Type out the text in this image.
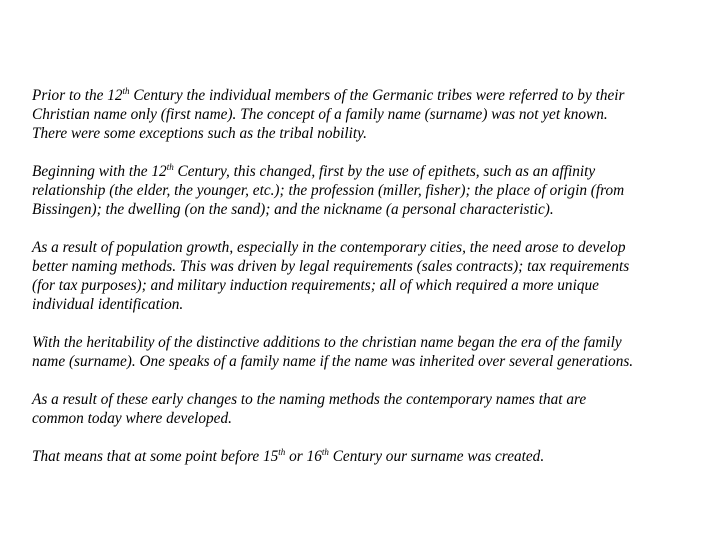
Prior to the 12th Century the individual members of the Germanic tribes were referred to by their
Christian name only (first name). The concept of a family name (surname) was not yet known.
There were some exceptions such as the tribal nobility.

Beginning with the 12th Century, this changed, first by the use of epithets, such as an affinity
relationship (the elder, the younger, etc.); the profession (miller, fisher); the place of origin (from
Bissingen); the dwelling (on the sand); and the nickname (a personal characteristic).

As a result of population growth, especially in the contemporary cities, the need arose to develop
better naming methods. This was driven by legal requirements (sales contracts); tax requirements
(for tax purposes); and military induction requirements; all of which required a more unique
individual identification.

With the heritability of the distinctive additions to the christian name began the era of the family
name (surname). One speaks of a family name if the name was inherited over several generations.

As a result of these early changes to the naming methods the contemporary names that are
common today where developed.

That means that at some point before 15th or 16th Century our surname was created.
